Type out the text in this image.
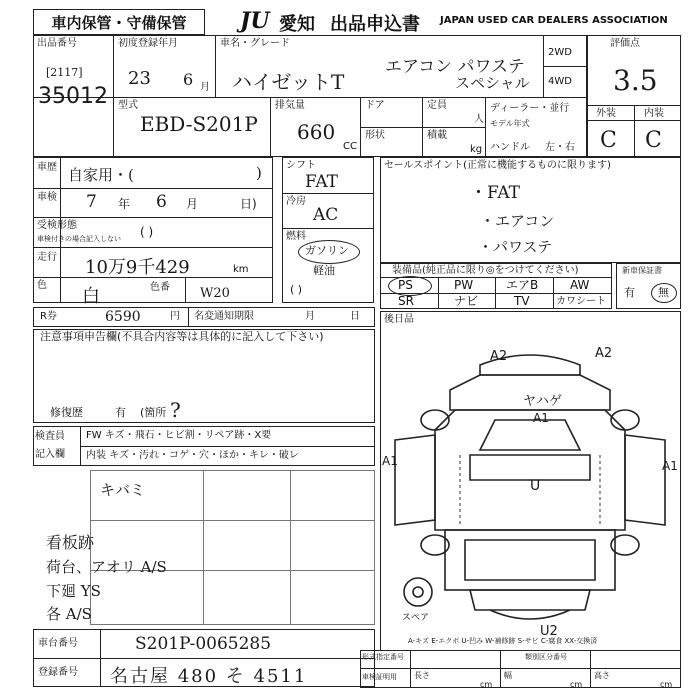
車内保管・守備保管	JU 愛知 出品申込書 JAPAN USED CAR DEALERS ASSOCIATION
出品番号
[2117]
35012
初度登録年月
23 6 月
車名・グレード
ハイゼットT
エアコン パワステ
スペシャル
2WD
4WD
評価点
3.5
外装	内装
C C
型式
EBD-S201P
排気量
660
CC
ドア
形状
定員
人
積載
kg
ディーラー・並行
モデル年式
ハンドル 左・右
車歴 自家用・(	)
車検 7 年 6 月	日)
受検形態
車検付きの場合記入しない ( )
走行 10万9千429	km
色
白	色番 W20
シフト
FAT
冷房
AC
燃料
ガソリン
軽油
( )
セールスポイント(正常に機能するものに限ります)
・FAT
・エアコン
・パワステ
装備品(純正品に限り◎をつけてください)
PS	PW	エアB	AW
SR	ナビ	TV	カワシート
新車保証書
有 無
R券	6590	円 名変通知期限	月	日
注意事項申告欄(不具合内容等は具体的に記入して下さい)
修復歴	有 (箇所 ?
検査員
記入欄
FW キズ・飛石・ヒビ割・リペア跡・X要
内装 キズ・汚れ・コゲ・穴・ほか・キレ・破レ
キバミ
看板跡
荷台、アオリ A/S
下廻 YS
各 A/S
後日品
A2	A2
ヤハゲ
A1
A1	A1
U
U2
スペア
A-キズ E-エクボ U-凹み W-補修跡 S-サビ C-腐食 XX-交換済
車台番号	S201P-0065285
登録番号 名古屋 480 そ 4511
形式指定番号	類別区分番号
車検証明用 長さ
cm
幅
cm
高さ
cm
